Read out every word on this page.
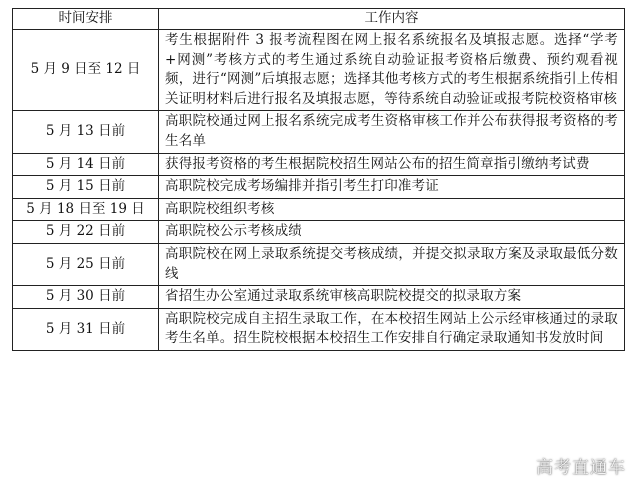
时间安排	工作内容
5 月 9 日至 12 日	考生根据附件 3 报考流程图在网上报名系统报名及填报志愿。选择“学考+网测”考核方式的考生通过系统自动验证报考资格后缴费、预约观看视频，进行“网测”后填报志愿；选择其他考核方式的考生根据系统指引上传相关证明材料后进行报名及填报志愿，等待系统自动验证或报考院校资格审核
5 月 13 日前	高职院校通过网上报名系统完成考生资格审核工作并公布获得报考资格的考生名单
5 月 14 日前	获得报考资格的考生根据院校招生网站公布的招生简章指引缴纳考试费
5 月 15 日前	高职院校完成考场编排并指引考生打印准考证
5 月 18 日至 19 日	高职院校组织考核
5 月 22 日前	高职院校公示考核成绩
5 月 25 日前	高职院校在网上录取系统提交考核成绩，并提交拟录取方案及录取最低分数线
5 月 30 日前	省招生办公室通过录取系统审核高职院校提交的拟录取方案
5 月 31 日前	高职院校完成自主招生录取工作，在本校招生网站上公示经审核通过的录取考生名单。招生院校根据本校招生工作安排自行确定录取通知书发放时间
高考直通车
